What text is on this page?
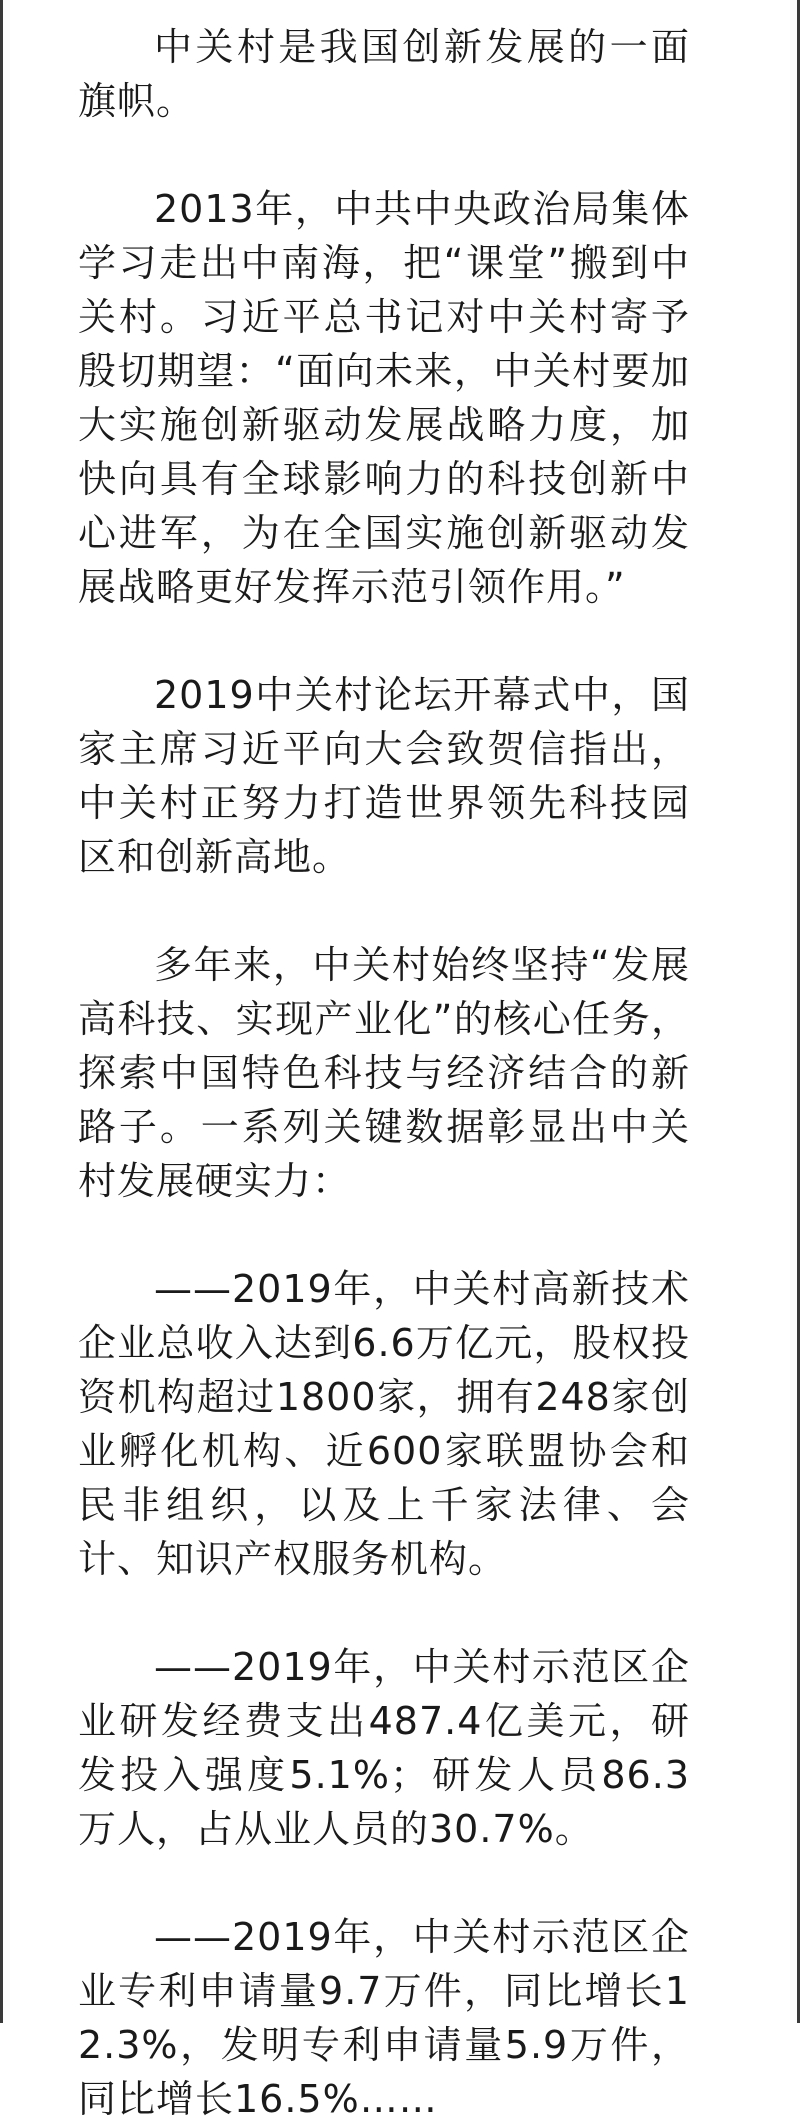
中关村是我国创新发展的一面旗帜。

2013年，中共中央政治局集体学习走出中南海，把“课堂”搬到中关村。习近平总书记对中关村寄予殷切期望：“面向未来，中关村要加大实施创新驱动发展战略力度，加快向具有全球影响力的科技创新中心进军，为在全国实施创新驱动发展战略更好发挥示范引领作用。”

2019中关村论坛开幕式中，国家主席习近平向大会致贺信指出，中关村正努力打造世界领先科技园区和创新高地。

多年来，中关村始终坚持“发展高科技、实现产业化”的核心任务，探索中国特色科技与经济结合的新路子。一系列关键数据彰显出中关村发展硬实力：

——2019年，中关村高新技术企业总收入达到6.6万亿元，股权投资机构超过1800家，拥有248家创业孵化机构、近600家联盟协会和民非组织，以及上千家法律、会计、知识产权服务机构。

——2019年，中关村示范区企业研发经费支出487.4亿美元，研发投入强度5.1%；研发人员86.3万人，占从业人员的30.7%。

——2019年，中关村示范区企业专利申请量9.7万件，同比增长12.3%，发明专利申请量5.9万件，同比增长16.5%……
